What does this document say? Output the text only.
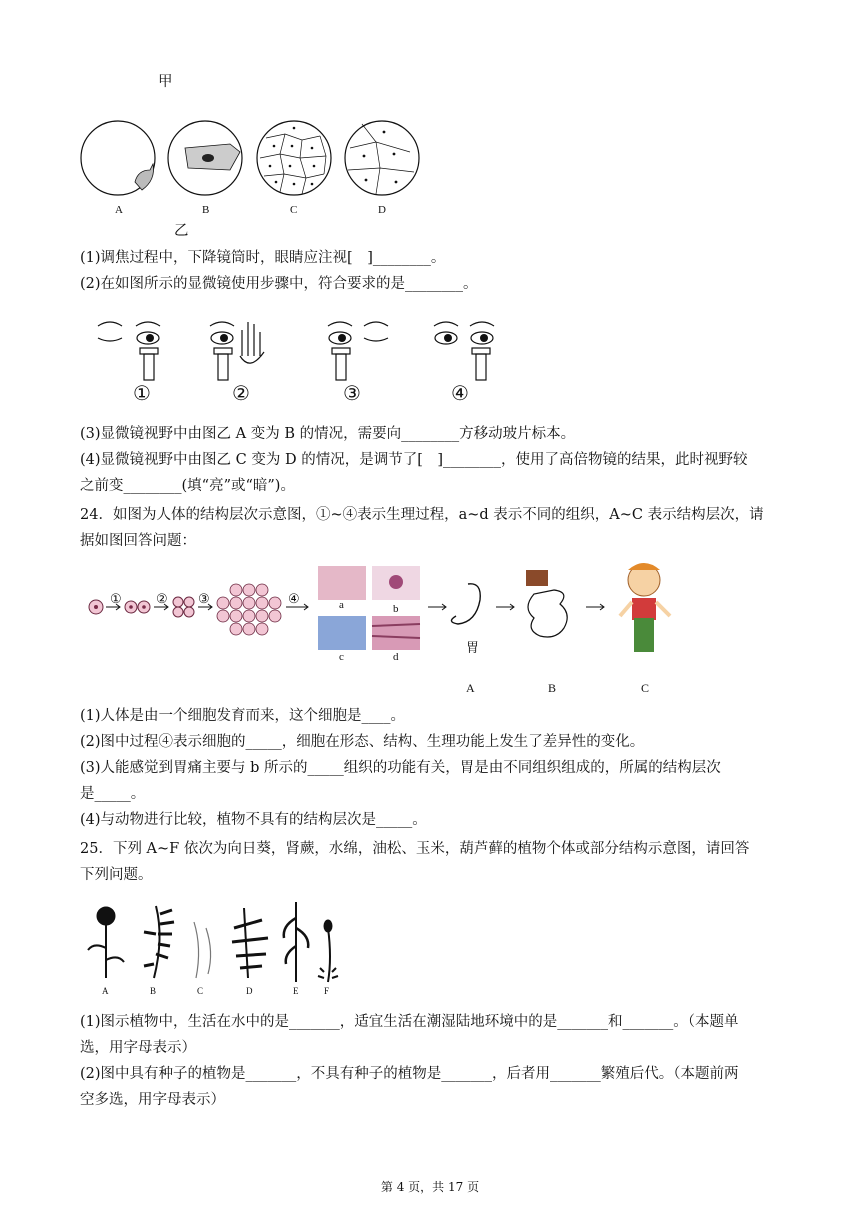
甲
A	B	C	D
乙
(1)调焦过程中，下降镜筒时，眼睛应注视[　]________。
(2)在如图所示的显微镜使用步骤中，符合要求的是________。
①	②	③	④
(3)显微镜视野中由图乙 A 变为 B 的情况，需要向________方移动玻片标本。
(4)显微镜视野中由图乙 C 变为 D 的情况，是调节了[　]________，使用了高倍物镜的结果，此时视野较
之前变________(填“亮”或“暗”)。
24．如图为人体的结构层次示意图，①~④表示生理过程，a~d 表示不同的组织，A~C 表示结构层次，请
据如图回答问题：
a	b
c	d
①	② ③	④
胃
A	B	C
(1)人体是由一个细胞发育而来，这个细胞是____。
(2)图中过程④表示细胞的_____，细胞在形态、结构、生理功能上发生了差异性的变化。
(3)人能感觉到胃痛主要与 b 所示的_____组织的功能有关，胃是由不同组织组成的，所属的结构层次
是_____。
(4)与动物进行比较，植物不具有的结构层次是_____。
25．下列 A~F 依次为向日葵，肾蕨，水绵，油松、玉米，葫芦藓的植物个体或部分结构示意图，请回答
下列问题。
A	B	C	D	E	F
(1)图示植物中，生活在水中的是_______，适宜生活在潮湿陆地环境中的是_______和_______。（本题单
选，用字母表示）
(2)图中具有种子的植物是_______，不具有种子的植物是_______，后者用_______繁殖后代。（本题前两
空多选，用字母表示）
第 4 页，共 17 页
